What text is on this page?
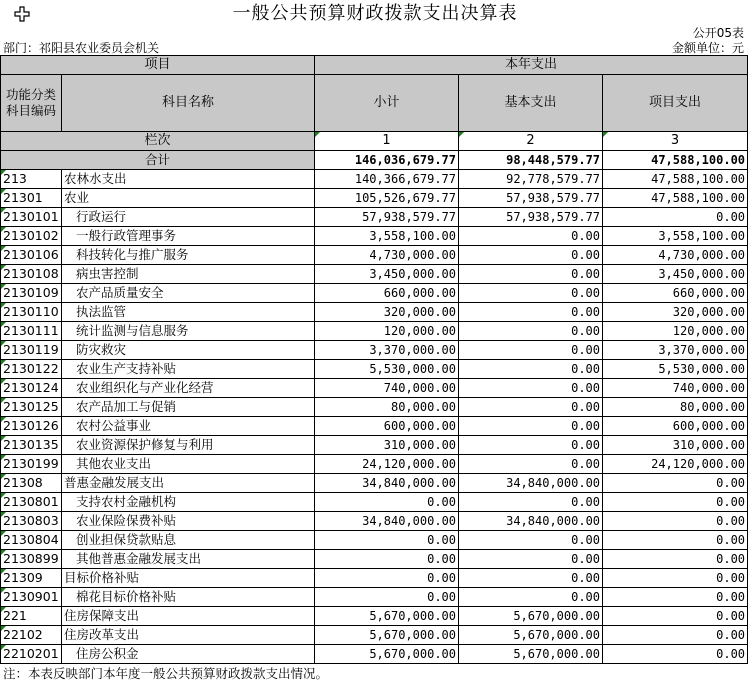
一般公共预算财政拨款支出决算表
公开05表
部门：祁阳县农业委员会机关	金额单位：元
项目		本年支出		
功能分类科目编码	科目名称	小计	基本支出	项目支出
栏次		1	2	3
合计		146,036,679.77	98,448,579.77	47,588,100.00
213	农林水支出	140,366,679.77	92,778,579.77	47,588,100.00
21301	农业	105,526,679.77	57,938,579.77	47,588,100.00
2130101	行政运行	57,938,579.77	57,938,579.77	0.00
2130102	一般行政管理事务	3,558,100.00	0.00	3,558,100.00
2130106	科技转化与推广服务	4,730,000.00	0.00	4,730,000.00
2130108	病虫害控制	3,450,000.00	0.00	3,450,000.00
2130109	农产品质量安全	660,000.00	0.00	660,000.00
2130110	执法监管	320,000.00	0.00	320,000.00
2130111	统计监测与信息服务	120,000.00	0.00	120,000.00
2130119	防灾救灾	3,370,000.00	0.00	3,370,000.00
2130122	农业生产支持补贴	5,530,000.00	0.00	5,530,000.00
2130124	农业组织化与产业化经营	740,000.00	0.00	740,000.00
2130125	农产品加工与促销	80,000.00	0.00	80,000.00
2130126	农村公益事业	600,000.00	0.00	600,000.00
2130135	农业资源保护修复与利用	310,000.00	0.00	310,000.00
2130199	其他农业支出	24,120,000.00	0.00	24,120,000.00
21308	普惠金融发展支出	34,840,000.00	34,840,000.00	0.00
2130801	支持农村金融机构	0.00	0.00	0.00
2130803	农业保险保费补贴	34,840,000.00	34,840,000.00	0.00
2130804	创业担保贷款贴息	0.00	0.00	0.00
2130899	其他普惠金融发展支出	0.00	0.00	0.00
21309	目标价格补贴	0.00	0.00	0.00
2130901	棉花目标价格补贴	0.00	0.00	0.00
221	住房保障支出	5,670,000.00	5,670,000.00	0.00
22102	住房改革支出	5,670,000.00	5,670,000.00	0.00
2210201	住房公积金	5,670,000.00	5,670,000.00	0.00
注：本表反映部门本年度一般公共预算财政拨款支出情况。
